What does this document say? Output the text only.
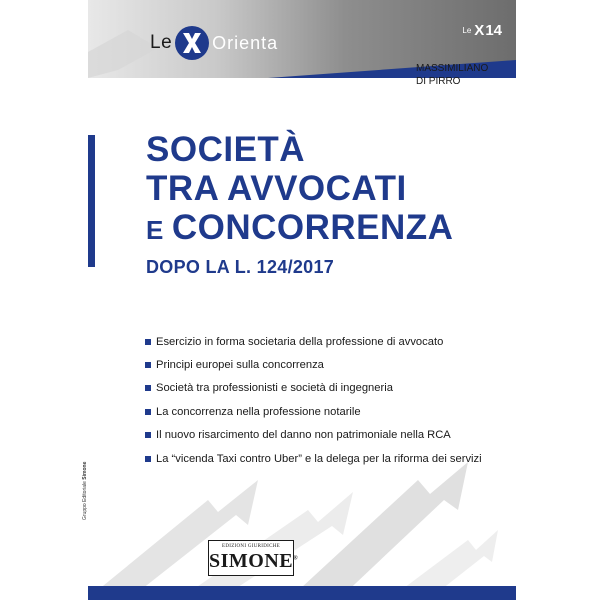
Le Orienta
Le X 14
MASSIMILIANO
DI PIRRO
SOCIETÀ
TRA AVVOCATI
E CONCORRENZA
DOPO LA L. 124/2017
Esercizio in forma societaria della professione di avvocato
Principi europei sulla concorrenza
Società tra professionisti e società di ingegneria
La concorrenza nella professione notarile
Il nuovo risarcimento del danno non patrimoniale nella RCA
La “vicenda Taxi contro Uber” e la delega per la riforma dei servizi
Gruppo Editoriale Simone
EDIZIONI GIURIDICHE
SIMONE®
